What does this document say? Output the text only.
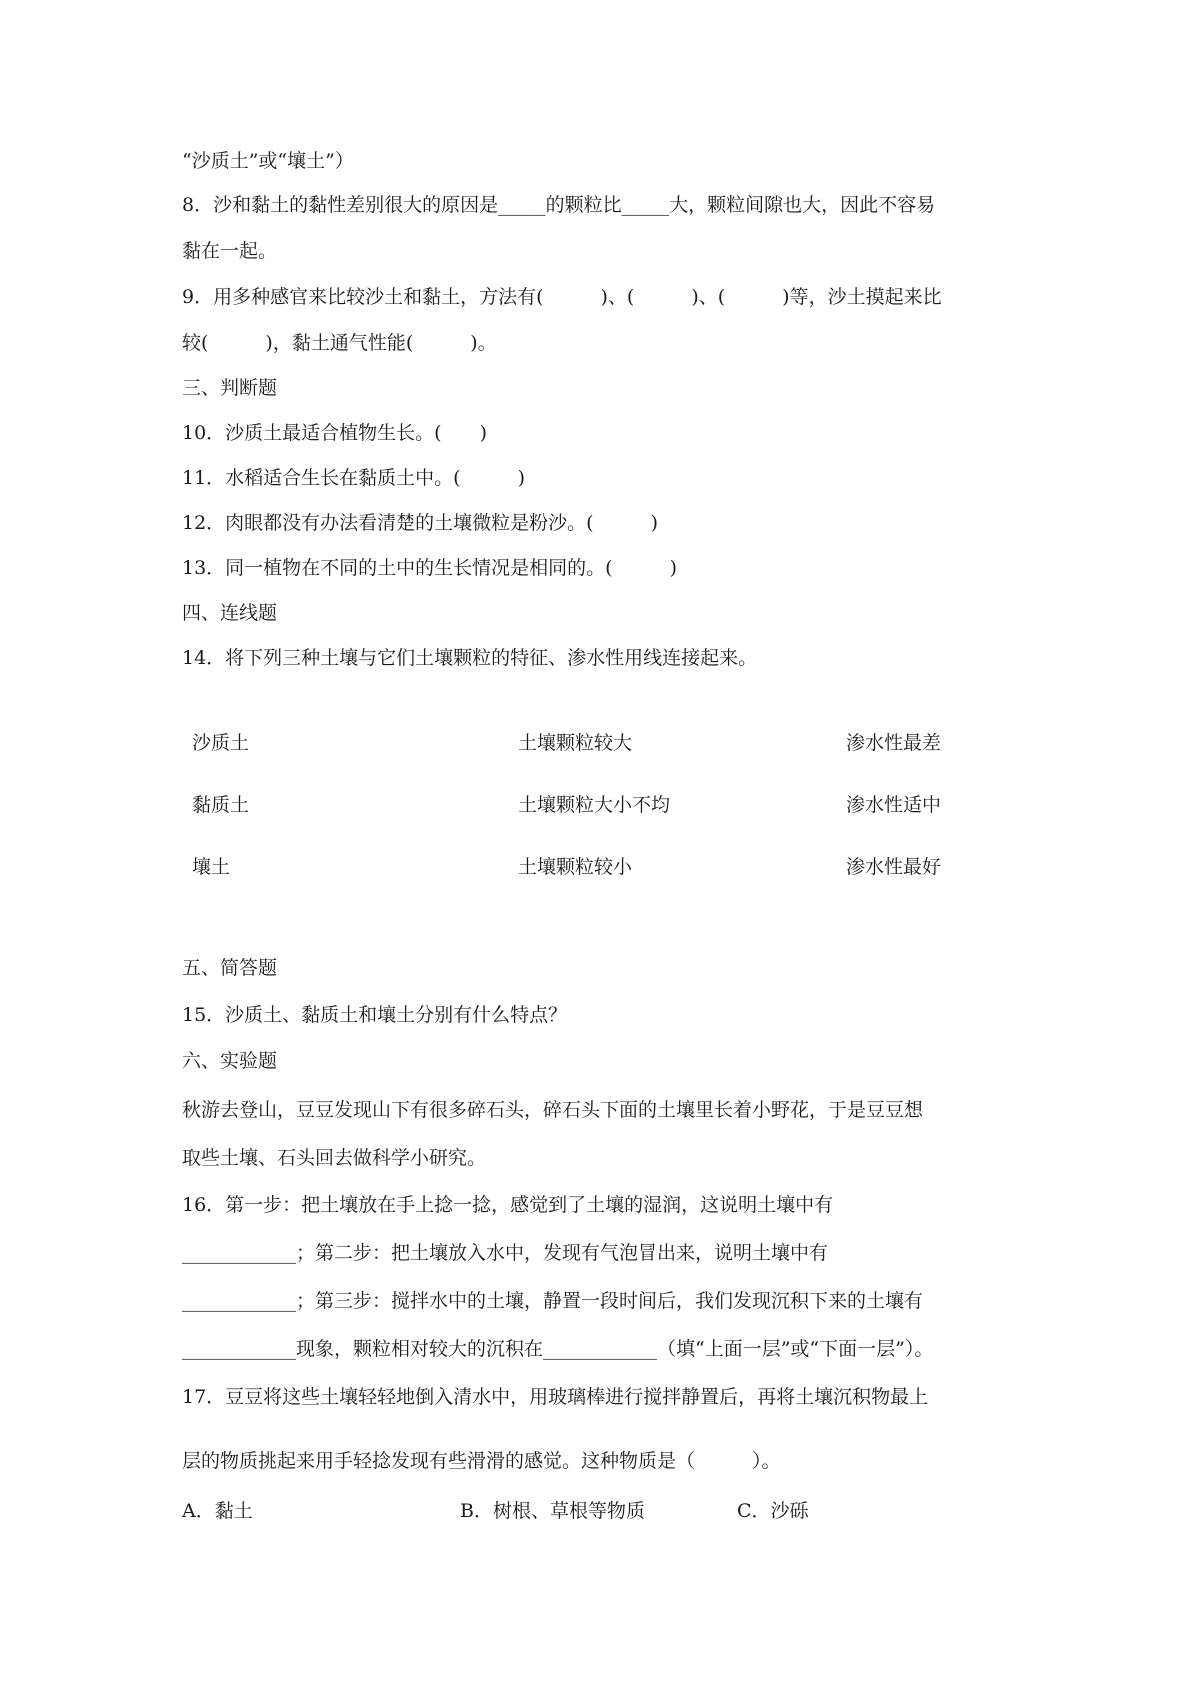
“沙质土”或“壤土”）
8．沙和黏土的黏性差别很大的原因是_____的颗粒比_____大，颗粒间隙也大，因此不容易
黏在一起。
9．用多种感官来比较沙土和黏土，方法有(　　　)、(　　　)、(　　　)等，沙土摸起来比
较(　　　)，黏土通气性能(　　　)。
三、判断题
10．沙质土最适合植物生长。(　　)
11．水稻适合生长在黏质土中。(　　　)
12．肉眼都没有办法看清楚的土壤微粒是粉沙。(　　　)
13．同一植物在不同的土中的生长情况是相同的。(　　　)
四、连线题
14．将下列三种土壤与它们土壤颗粒的特征、渗水性用线连接起来。
沙质土
黏质土
壤土
土壤颗粒较大
土壤颗粒大小不均
土壤颗粒较小
渗水性最差
渗水性适中
渗水性最好
五、简答题
15．沙质土、黏质土和壤土分别有什么特点？
六、实验题
秋游去登山，豆豆发现山下有很多碎石头，碎石头下面的土壤里长着小野花，于是豆豆想
取些土壤、石头回去做科学小研究。
16．第一步：把土壤放在手上捻一捻，感觉到了土壤的湿润，这说明土壤中有
____________；第二步：把土壤放入水中，发现有气泡冒出来，说明土壤中有
____________；第三步：搅拌水中的土壤，静置一段时间后，我们发现沉积下来的土壤有
____________现象，颗粒相对较大的沉积在____________（填“上面一层”或“下面一层”）。
17．豆豆将这些土壤轻轻地倒入清水中，用玻璃棒进行搅拌静置后，再将土壤沉积物最上
层的物质挑起来用手轻捻发现有些滑滑的感觉。这种物质是（　　　）。
A．黏土	B．树根、草根等物质	C．沙砾
